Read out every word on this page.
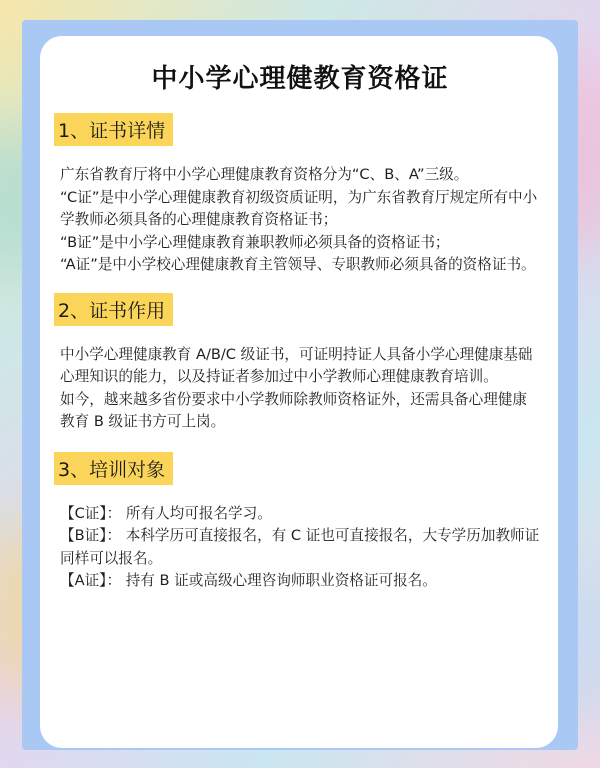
中小学心理健教育资格证
1、证书详情

广东省教育厅将中小学心理健康教育资格分为“C、B、A”三级。

“C证”是中小学心理健康教育初级资质证明，为广东省教育厅规定所有中小学教师必须具备的心理健康教育资格证书；

“B证”是中小学心理健康教育兼职教师必须具备的资格证书；

“A证”是中小学校心理健康教育主管领导、专职教师必须具备的资格证书。

2、证书作用

中小学心理健康教育 A/B/C 级证书，可证明持证人具备小学心理健康基础心理知识的能力，以及持证者参加过中小学教师心理健康教育培训。

如今，越来越多省份要求中小学教师除教师资格证外，还需具备心理健康教育 B 级证书方可上岗。

3、培训对象

【C证】： 所有人均可报名学习。

【B证】： 本科学历可直接报名，有 C 证也可直接报名，大专学历加教师证同样可以报名。

【A证】： 持有 B 证或高级心理咨询师职业资格证可报名。
